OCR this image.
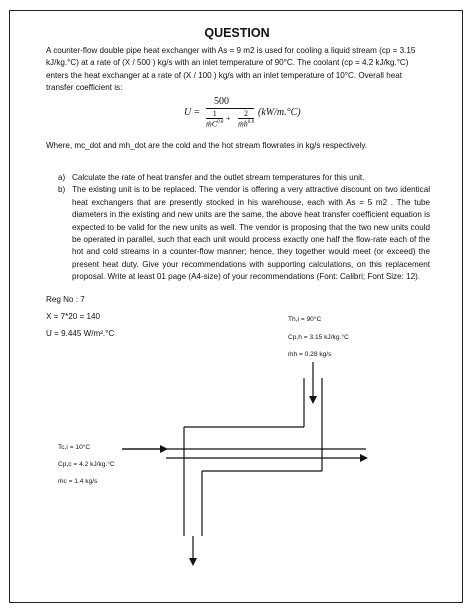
QUESTION

A counter-flow double pipe heat exchanger with As = 9 m2 is used for cooling a liquid stream (cp = 3.15 kJ/kg.°C) at a rate of (X / 500 ) kg/s with an inlet temperature of 90°C. The coolant (cp = 4.2 kJ/kg.°C) enters the heat exchanger at a rate of (X / 100 ) kg/s with an inlet temperature of 10°C. Overall heat transfer coefficient is:

U =
500
1
ṁC$^{0.8}$ +
2
ṁh$^{0.8}$
(kW/m.°C)

Where, mc_dot and mh_dot are the cold and the hot stream flowrates in kg/s respectively.

a) Calculate the rate of heat transfer and the outlet stream temperatures for this unit.
b) The existing unit is to be replaced. The vendor is offering a very attractive discount on two identical heat exchangers that are presently stocked in his warehouse, each with As = 5 m2 . The tube diameters in the existing and new units are the same, the above heat transfer coefficient equation is expected to be valid for the new units as well. The vendor is proposing that the two new units could be operated in parallel, such that each unit would process exactly one half the flow-rate each of the hot and cold streams in a counter-flow manner; hence, they together would meet (or exceed) the present heat duty. Give your recommendations with supporting calculations, on this replacement proposal. Write at least 01 page (A4-size) of your recommendations (Font: Calibri; Font Size: 12).
Reg No : 7
X = 7*20 = 140
U = 9.445 W/m².°C
Th,i = 90°C
Cp,h = 3.15 kJ/kg.°C
ṁh = 0.28 kg/s
Tc,i = 10°C
Cp,c = 4.2 kJ/kg.°C
ṁc = 1.4 kg/s
